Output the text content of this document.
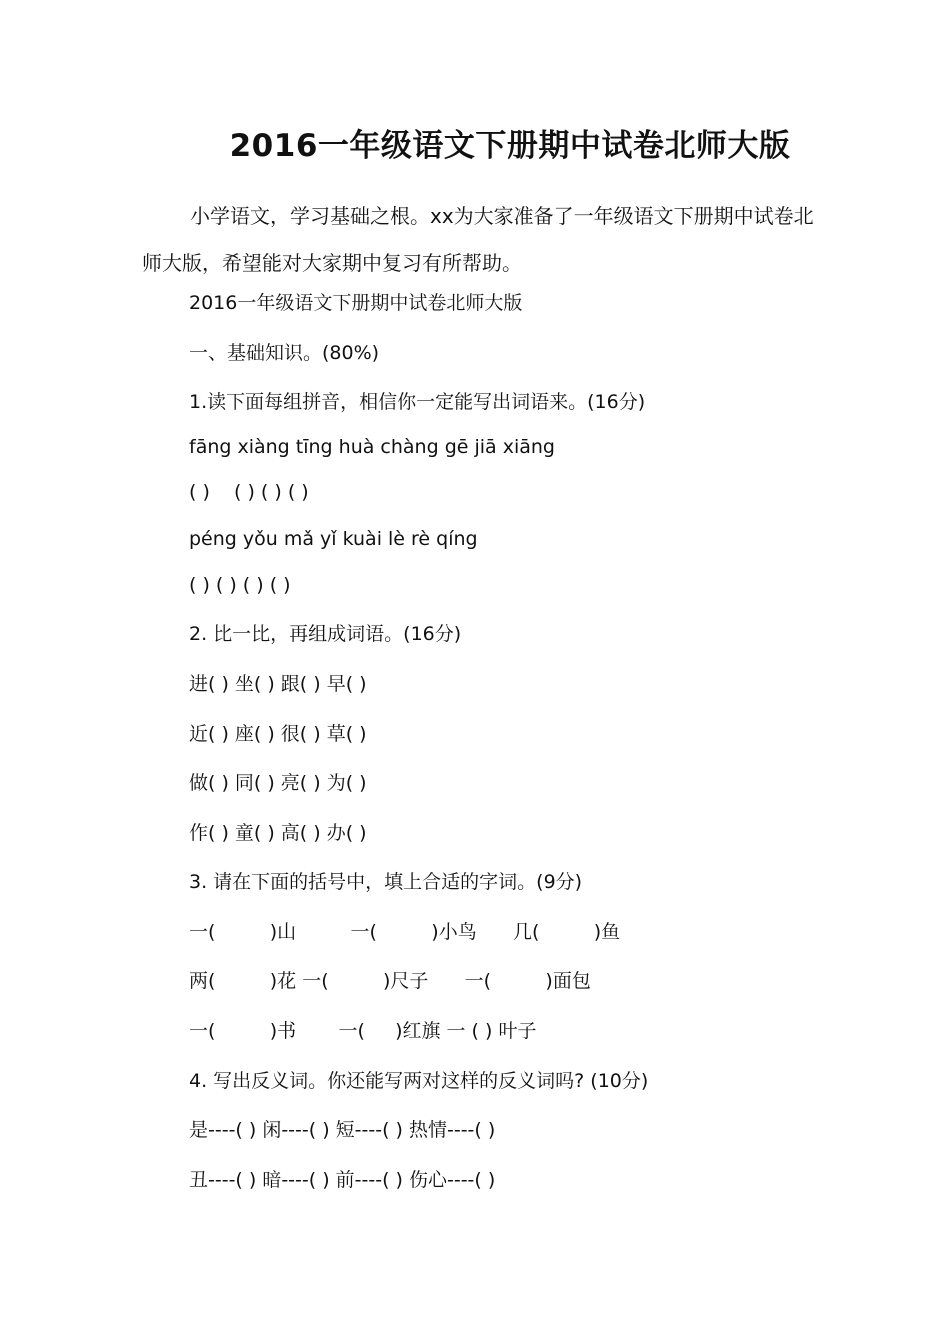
2016一年级语文下册期中试卷北师大版
小学语文，学习基础之根。xx为大家准备了一年级语文下册期中试卷北师大版，希望能对大家期中复习有所帮助。
2016一年级语文下册期中试卷北师大版
一、基础知识。(80%)
1.读下面每组拼音，相信你一定能写出词语来。(16分)
fāng xiàng tīng huà chàng gē jiā xiāng
( )    ( ) ( ) ( )
péng yǒu mǎ yǐ kuài lè rè qíng
( ) ( ) ( ) ( )
2. 比一比，再组成词语。(16分)
进( ) 坐( ) 跟( ) 早( )
近( ) 座( ) 很( ) 草( )
做( ) 同( ) 亮( ) 为( )
作( ) 童( ) 高( ) 办( )
3. 请在下面的括号中，填上合适的字词。(9分)
一(         )山         一(         )小鸟      几(         )鱼
两(         )花 一(         )尺子      一(         )面包
一(         )书       一(     )红旗 一 ( ) 叶子
4. 写出反义词。你还能写两对这样的反义词吗? (10分)
是----( ) 闲----( ) 短----( ) 热情----( )
丑----( ) 暗----( ) 前----( ) 伤心----( )
